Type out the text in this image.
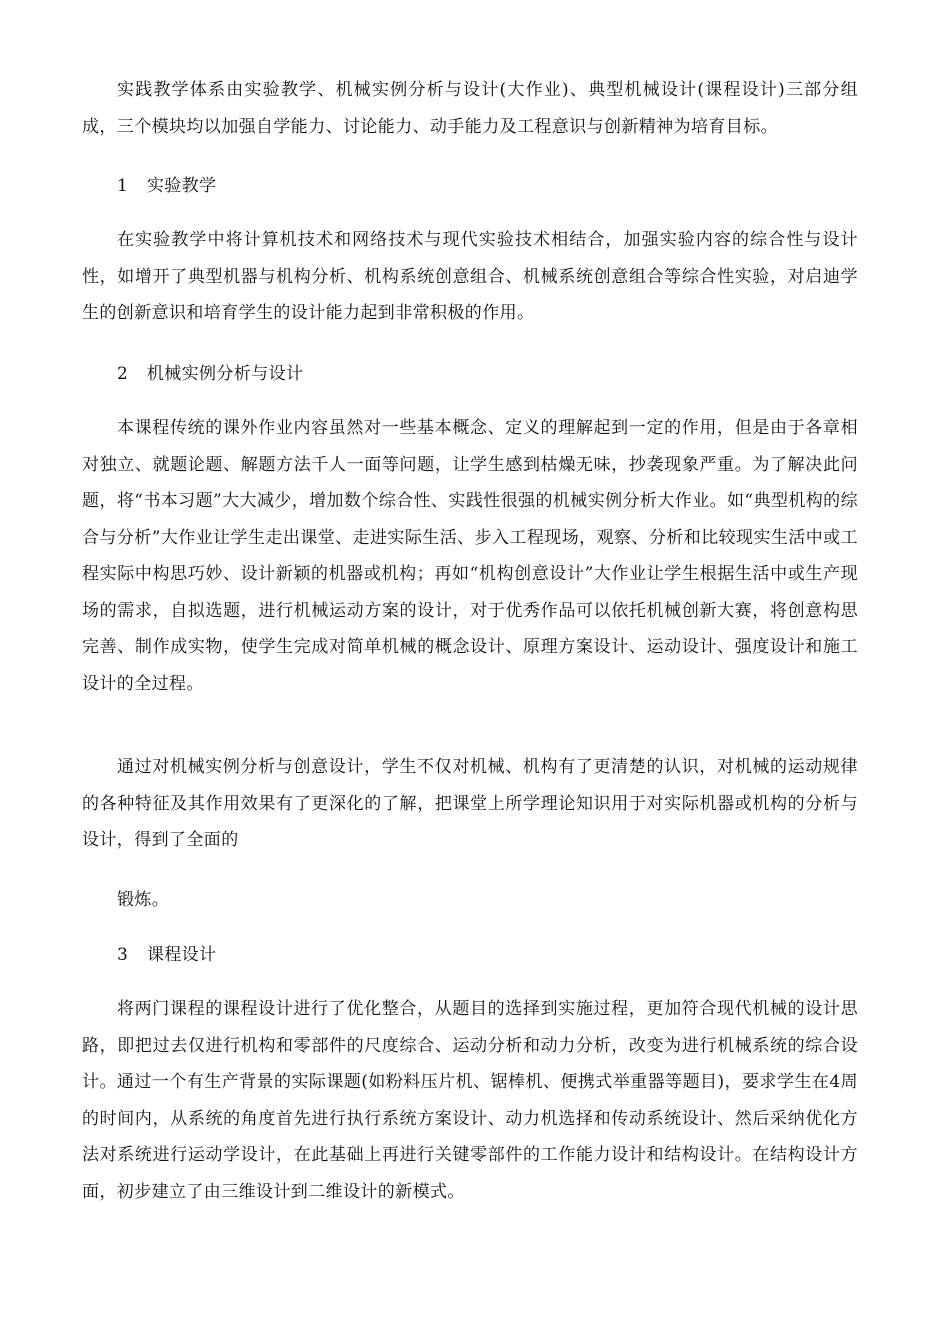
实践教学体系由实验教学、机械实例分析与设计(大作业)、典型机械设计(课程设计)三部分组成，三个模块均以加强自学能力、讨论能力、动手能力及工程意识与创新精神为培育目标。

1 实验教学

在实验教学中将计算机技术和网络技术与现代实验技术相结合，加强实验内容的综合性与设计性，如增开了典型机器与机构分析、机构系统创意组合、机械系统创意组合等综合性实验，对启迪学生的创新意识和培育学生的设计能力起到非常积极的作用。

2 机械实例分析与设计

本课程传统的课外作业内容虽然对一些基本概念、定义的理解起到一定的作用，但是由于各章相对独立、就题论题、解题方法千人一面等问题，让学生感到枯燥无味，抄袭现象严重。为了解决此问题，将“书本习题”大大减少，增加数个综合性、实践性很强的机械实例分析大作业。如“典型机构的综合与分析”大作业让学生走出课堂、走进实际生活、步入工程现场，观察、分析和比较现实生活中或工程实际中构思巧妙、设计新颖的机器或机构；再如“机构创意设计”大作业让学生根据生活中或生产现场的需求，自拟选题，进行机械运动方案的设计，对于优秀作品可以依托机械创新大赛，将创意构思完善、制作成实物，使学生完成对简单机械的概念设计、原理方案设计、运动设计、强度设计和施工设计的全过程。

通过对机械实例分析与创意设计，学生不仅对机械、机构有了更清楚的认识，对机械的运动规律的各种特征及其作用效果有了更深化的了解，把课堂上所学理论知识用于对实际机器或机构的分析与设计，得到了全面的

锻炼。
3 课程设计

将两门课程的课程设计进行了优化整合，从题目的选择到实施过程，更加符合现代机械的设计思路，即把过去仅进行机构和零部件的尺度综合、运动分析和动力分析，改变为进行机械系统的综合设计。通过一个有生产背景的实际课题(如粉料压片机、锯棒机、便携式举重器等题目)，要求学生在4周的时间内，从系统的角度首先进行执行系统方案设计、动力机选择和传动系统设计、然后采纳优化方法对系统进行运动学设计，在此基础上再进行关键零部件的工作能力设计和结构设计。在结构设计方面，初步建立了由三维设计到二维设计的新模式。
